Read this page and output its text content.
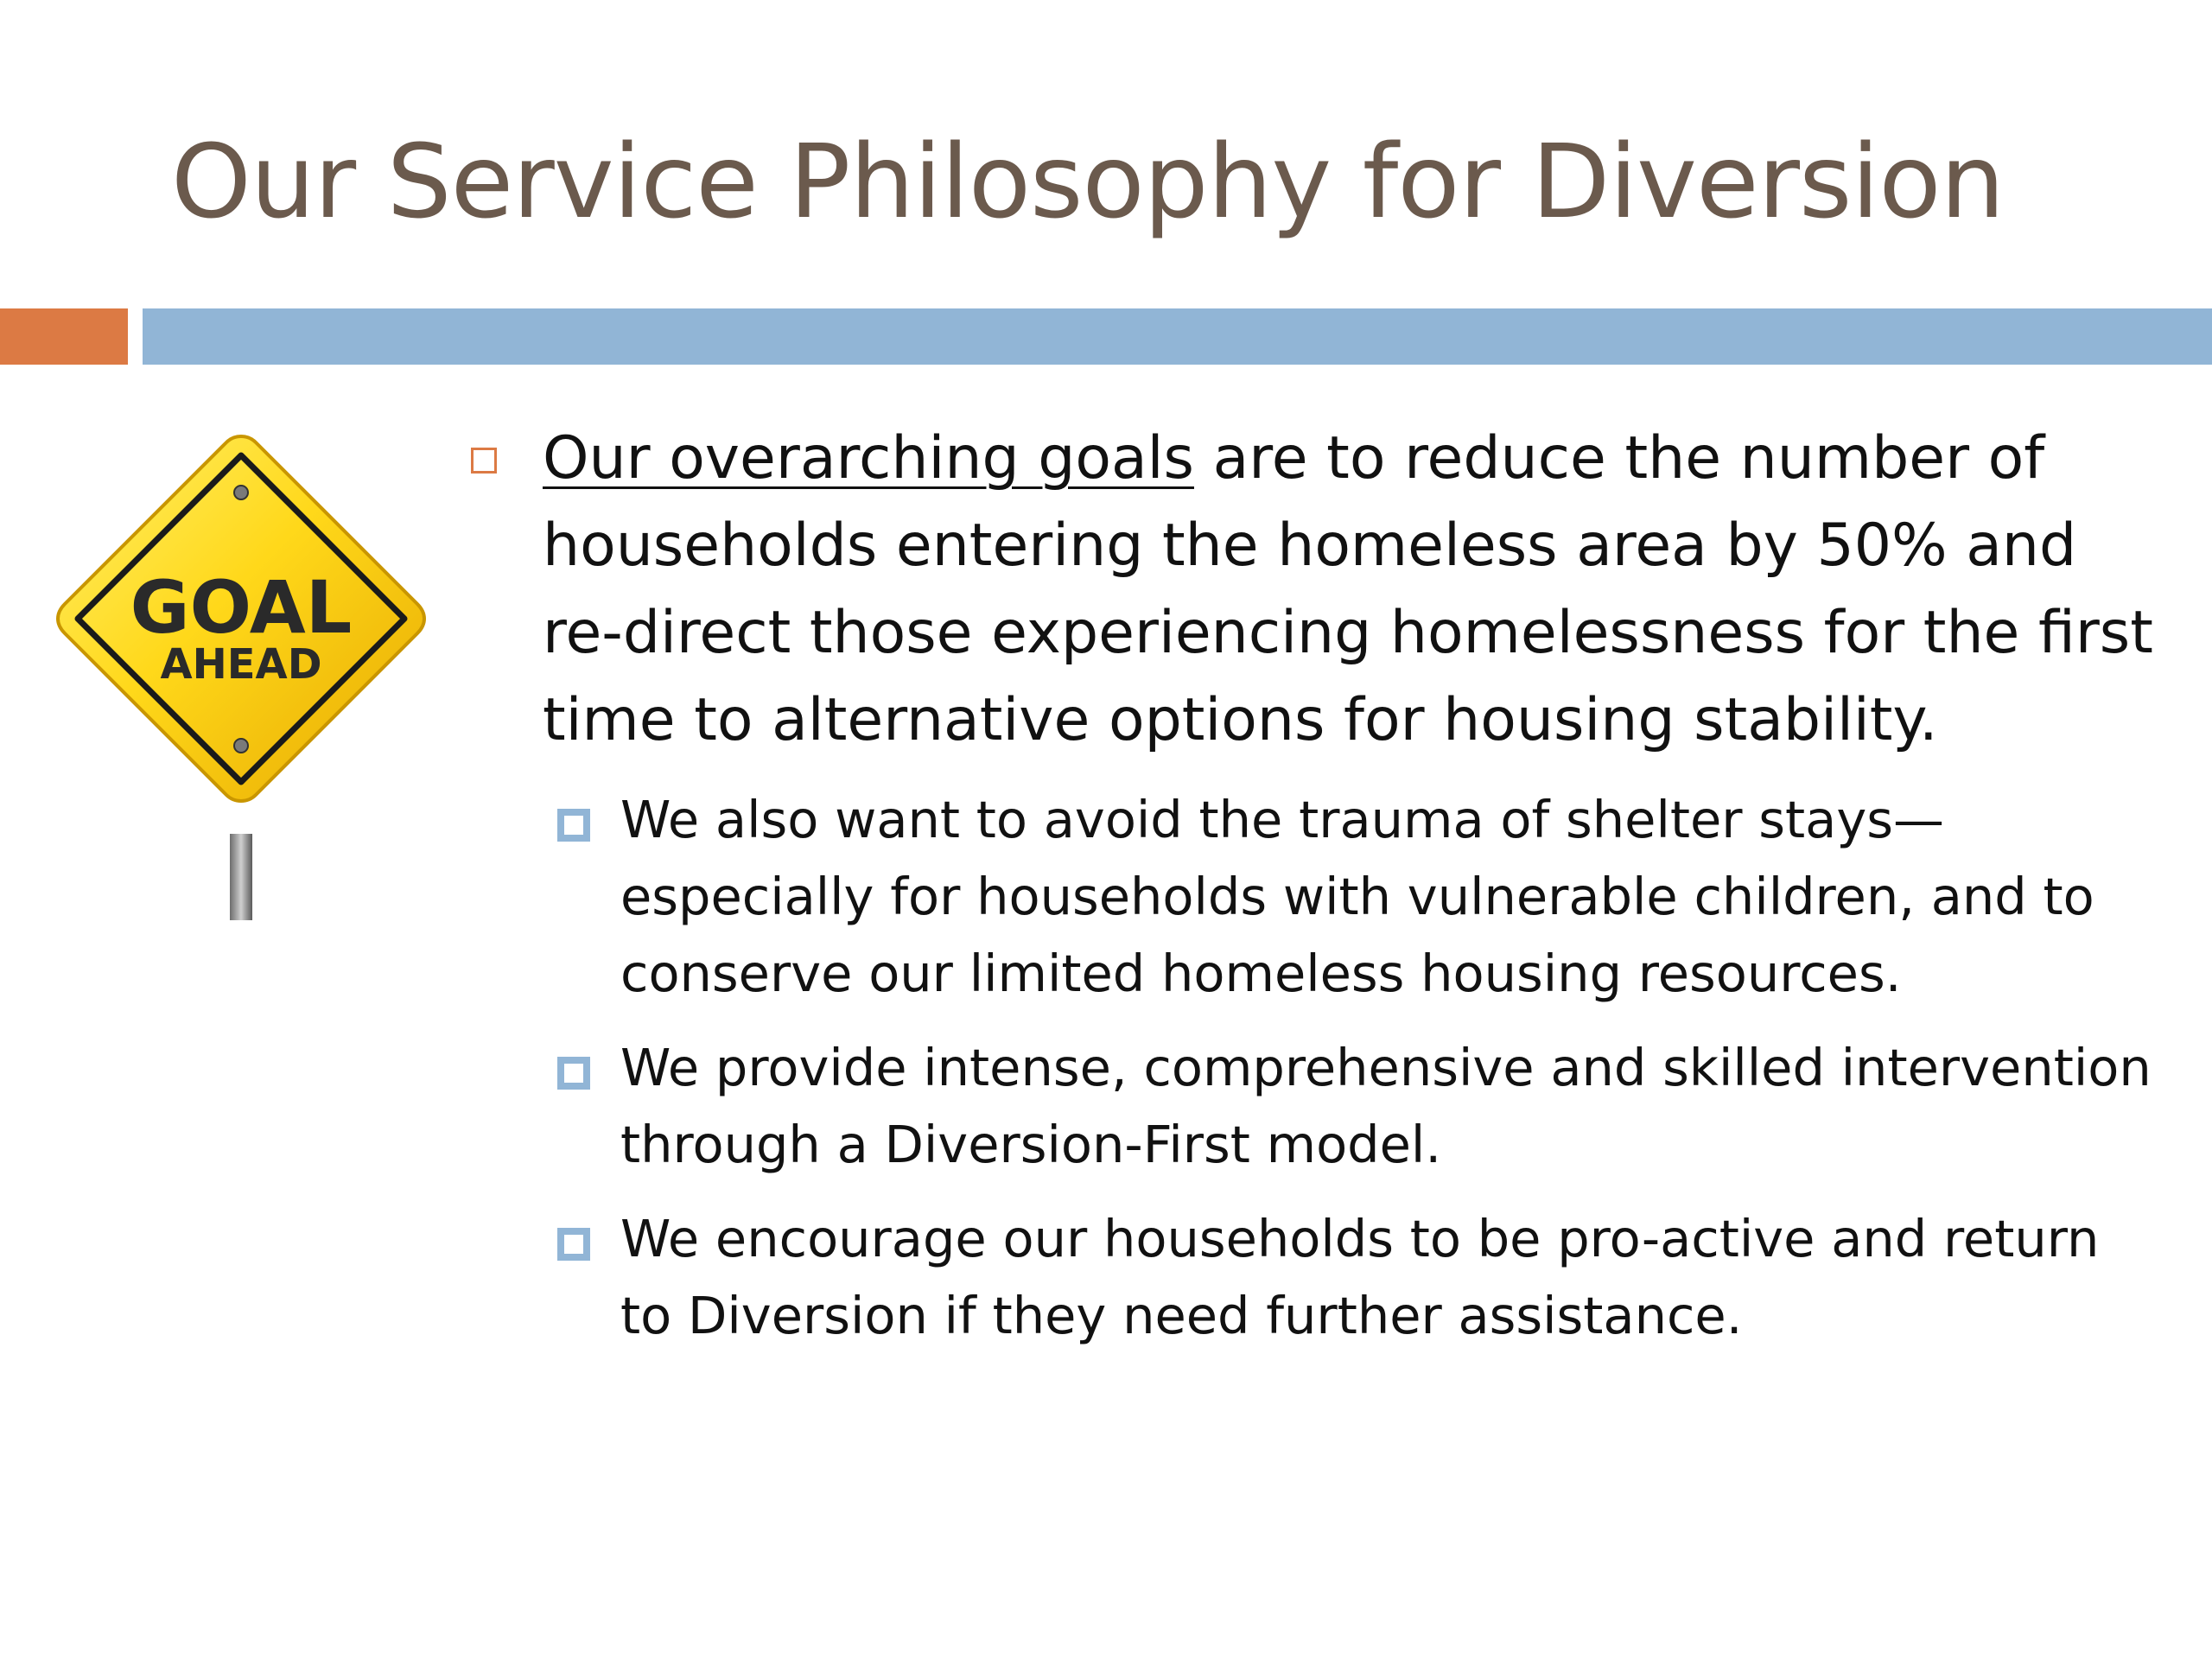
Our Service Philosophy for Diversion
GOAL
AHEAD
Our overarching goals are to reduce the number of households entering the homeless area by 50% and re-direct those experiencing homelessness for the first time to alternative options for housing stability.
We also want to avoid the trauma of shelter stays—especially for households with vulnerable children, and to conserve our limited homeless housing resources.
We provide intense, comprehensive and skilled intervention through a Diversion-First model.
We encourage our households to be pro-active and return to Diversion if they need further assistance.
